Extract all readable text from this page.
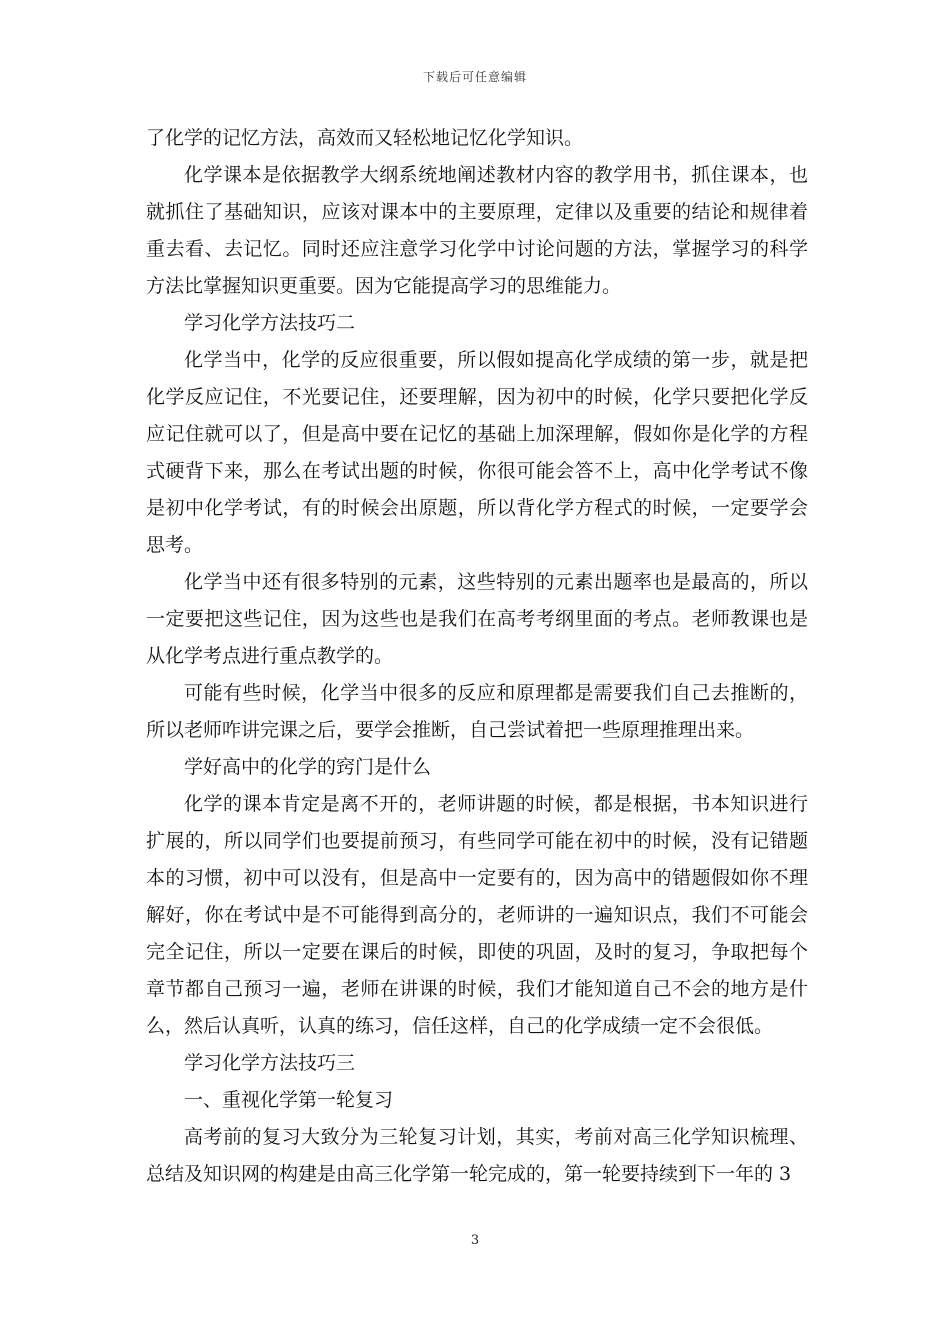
下载后可任意编辑

了化学的记忆方法，高效而又轻松地记忆化学知识。

化学课本是依据教学大纲系统地阐述教材内容的教学用书，抓住课本，也就抓住了基础知识，应该对课本中的主要原理，定律以及重要的结论和规律着重去看、去记忆。同时还应注意学习化学中讨论问题的方法，掌握学习的科学方法比掌握知识更重要。因为它能提高学习的思维能力。

学习化学方法技巧二

化学当中，化学的反应很重要，所以假如提高化学成绩的第一步，就是把化学反应记住，不光要记住，还要理解，因为初中的时候，化学只要把化学反应记住就可以了，但是高中要在记忆的基础上加深理解，假如你是化学的方程式硬背下来，那么在考试出题的时候，你很可能会答不上，高中化学考试不像是初中化学考试，有的时候会出原题，所以背化学方程式的时候，一定要学会思考。

化学当中还有很多特别的元素，这些特别的元素出题率也是最高的，所以一定要把这些记住，因为这些也是我们在高考考纲里面的考点。老师教课也是从化学考点进行重点教学的。

可能有些时候，化学当中很多的反应和原理都是需要我们自己去推断的，所以老师咋讲完课之后，要学会推断，自己尝试着把一些原理推理出来。

学好高中的化学的窍门是什么

化学的课本肯定是离不开的，老师讲题的时候，都是根据，书本知识进行扩展的，所以同学们也要提前预习，有些同学可能在初中的时候，没有记错题本的习惯，初中可以没有，但是高中一定要有的，因为高中的错题假如你不理解好，你在考试中是不可能得到高分的，老师讲的一遍知识点，我们不可能会完全记住，所以一定要在课后的时候，即使的巩固，及时的复习，争取把每个章节都自己预习一遍，老师在讲课的时候，我们才能知道自己不会的地方是什么，然后认真听，认真的练习，信任这样，自己的化学成绩一定不会很低。

学习化学方法技巧三

一、重视化学第一轮复习

高考前的复习大致分为三轮复习计划，其实，考前对高三化学知识梳理、总结及知识网的构建是由高三化学第一轮完成的，第一轮要持续到下一年的 3

3
